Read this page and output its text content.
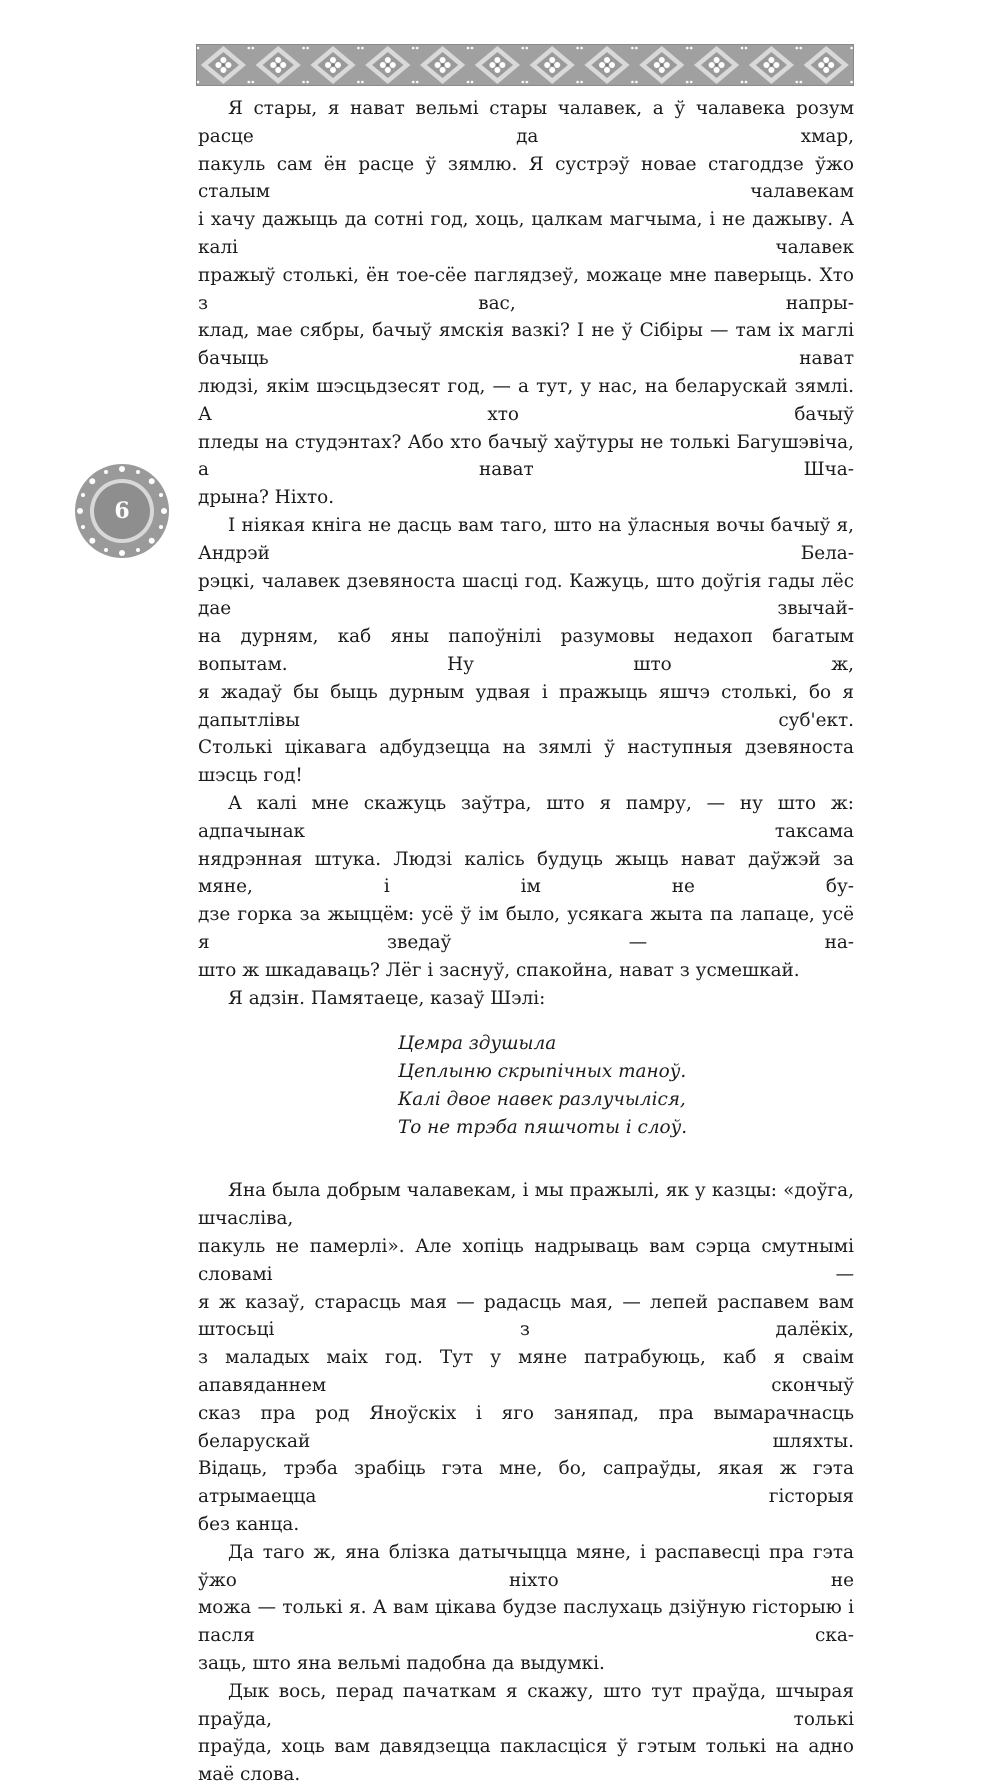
Я стары, я нават вельмі стары чалавек, а ў чалавека розум расце да хмар,
пакуль сам ён расце ў зямлю. Я сустрэў новае стагоддзе ўжо сталым чалавекам
і хачу дажыць да сотні год, хоць, цалкам магчыма, і не дажыву. А калі чалавек
пражыў столькі, ён тое-сёе паглядзеў, можаце мне паверыць. Хто з вас, напры-
клад, мае сябры, бачыў ямскія вазкі? І не ў Сібіры — там іх маглі бачыць нават
людзі, якім шэсцьдзесят год, — а тут, у нас, на беларускай зямлі. А хто бачыў
пледы на студэнтах? Або хто бачыў хаўтуры не толькі Багушэвіча, а нават Шча-
дрына? Ніхто.

І ніякая кніга не дасць вам таго, што на ўласныя вочы бачыў я, Андрэй Бела-
рэцкі, чалавек дзевяноста шасці год. Кажуць, што доўгія гады лёс дае звычай-
на дурням, каб яны папоўнілі разумовы недахоп багатым вопытам. Ну што ж,
я жадаў бы быць дурным удвая і пражыць яшчэ столькі, бо я дапытлівы суб'ект.
Столькі цікавага адбудзецца на зямлі ў наступныя дзевяноста шэсць год!

А калі мне скажуць заўтра, што я памру, — ну што ж: адпачынак таксама
нядрэнная штука. Людзі калісь будуць жыць нават даўжэй за мяне, і ім не бу-
дзе горка за жыццём: усё ў ім было, усякага жыта па лапаце, усё я зведаў — на-
што ж шкадаваць? Лёг і заснуў, спакойна, нават з усмешкай.

Я адзін. Памятаеце, казаў Шэлі:

Цемра здушыла
Цеплыню скрыпічных таноў.
Калі двое навек разлучыліся,
То не трэба пяшчоты і слоў.

Яна была добрым чалавекам, і мы пражылі, як у казцы: «доўга, шчаслівa,
пакуль не памерлі». Але хопіць надрываць вам сэрца смутнымі словамі —
я ж казаў, старасць мая — радасць мая, — лепей распавем вам штосьці з далёкіх,
з маладых маіх год. Тут у мяне патрабуюць, каб я сваім апавяданнем скончыў
сказ пра род Яноўскіх і яго заняпад, пра вымарачнасць беларускай шляхты.
Відаць, трэба зрабіць гэта мне, бо, сапраўды, якая ж гэта атрымаецца гісторыя
без канца.

Да таго ж, яна блізка датычыцца мяне, і распавесці пра гэта ўжо ніхто не
можа — толькі я. А вам цікава будзе паслухаць дзіўную гісторыю і пасля ска-
заць, што яна вельмі падобна да выдумкі.

Дык вось, перад пачаткам я скажу, што тут праўда, шчырая праўда, толькі
праўда, хоць вам давядзецца пакласціся ў гэтым толькі на адно маё слова.

6
